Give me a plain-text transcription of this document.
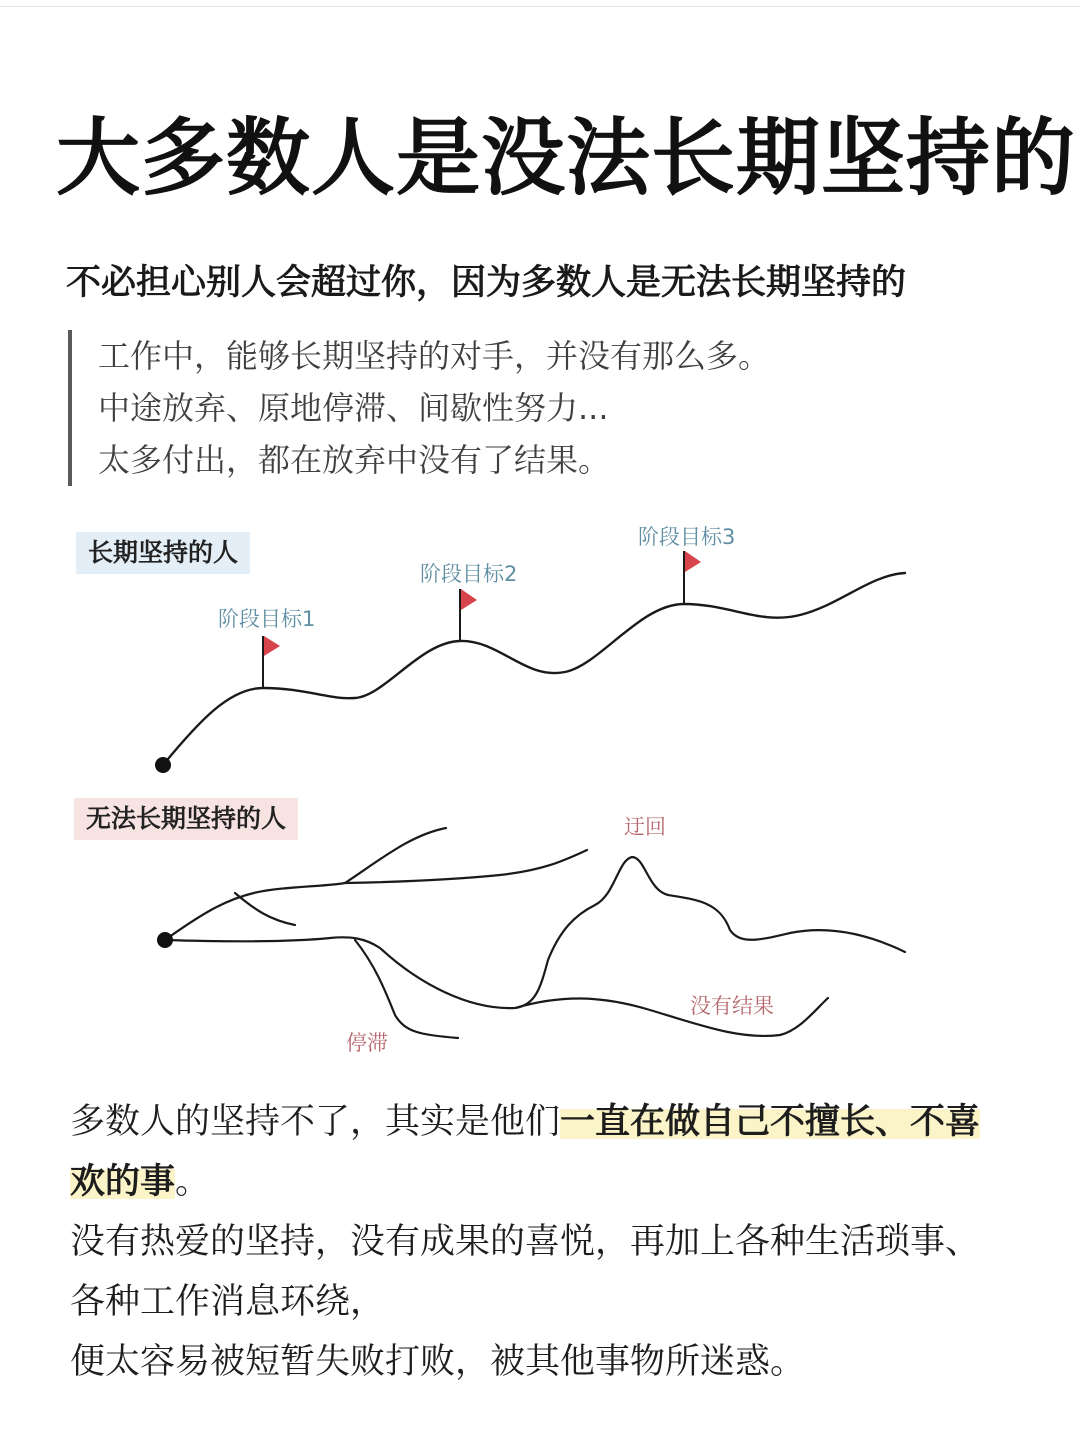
大多数人是没法长期坚持的
不必担心别人会超过你，因为多数人是无法长期坚持的
工作中，能够长期坚持的对手，并没有那么多。
中途放弃、原地停滞、间歇性努力...
太多付出，都在放弃中没有了结果。
长期坚持的人
无法长期坚持的人
阶段目标1
阶段目标2
阶段目标3
迂回
停滞
没有结果
多数人的坚持不了，其实是他们一直在做自己不擅长、不喜
欢的事。
没有热爱的坚持，没有成果的喜悦，再加上各种生活琐事、
各种工作消息环绕，
便太容易被短暂失败打败，被其他事物所迷惑。
